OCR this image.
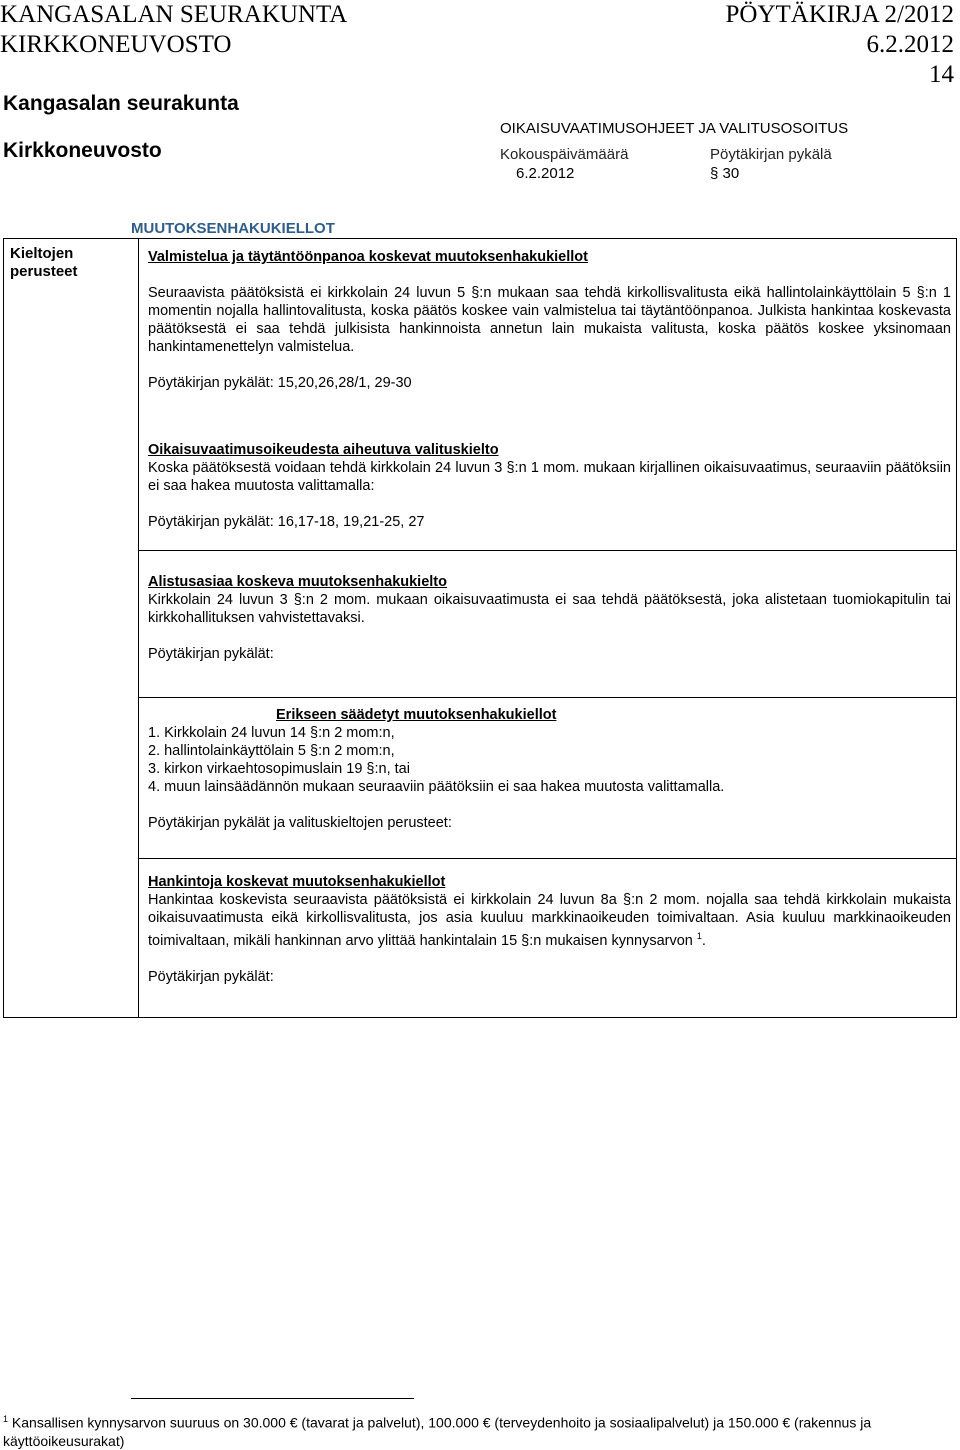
KANGASALAN SEURAKUNTA
KIRKKONEUVOSTO
PÖYTÄKIRJA 2/2012
6.2.2012
14
Kangasalan seurakunta
Kirkkoneuvosto
OIKAISUVAATIMUSOHJEET JA VALITUSOSOITUS
Kokouspäivämäärä	Pöytäkirjan pykälä
6.2.2012	§ 30
MUUTOKSENHAKUKIELLOT
Kieltojen
perusteet

Valmistelua ja täytäntöönpanoa koskevat muutoksenhakukiellot

Seuraavista päätöksistä ei kirkkolain 24 luvun 5 §:n mukaan saa tehdä kirkollisvalitusta eikä hallintolainkäyttölain 5 §:n 1 momentin nojalla hallintovalitusta, koska päätös koskee vain valmistelua tai täytäntöönpanoa. Julkista hankintaa koskevasta päätöksestä ei saa tehdä julkisista hankinnoista annetun lain mukaista valitusta, koska päätös koskee yksinomaan hankintamenettelyn valmistelua.

Pöytäkirjan pykälät: 15,20,26,28/1, 29-30

Oikaisuvaatimusoikeudesta aiheutuva valituskielto

Koska päätöksestä voidaan tehdä kirkkolain 24 luvun 3 §:n 1 mom. mukaan kirjallinen oikaisuvaatimus, seuraaviin päätöksiin ei saa hakea muutosta valittamalla:

Pöytäkirjan pykälät: 16,17-18, 19,21-25, 27

Alistusasiaa koskeva muutoksenhakukielto

Kirkkolain 24 luvun 3 §:n 2 mom. mukaan oikaisuvaatimusta ei saa tehdä päätöksestä, joka alistetaan tuomiokapitulin tai kirkkohallituksen vahvistettavaksi.

Pöytäkirjan pykälät:

Erikseen säädetyt muutoksenhakukiellot

1. Kirkkolain 24 luvun 14 §:n 2 mom:n,
2. hallintolainkäyttölain 5 §:n 2 mom:n,
3. kirkon virkaehtosopimuslain 19 §:n, tai
4. muun lainsäädännön mukaan seuraaviin päätöksiin ei saa hakea muutosta valittamalla.

Pöytäkirjan pykälät ja valituskieltojen perusteet:

Hankintoja koskevat muutoksenhakukiellot

Hankintaa koskevista seuraavista päätöksistä ei kirkkolain 24 luvun 8a §:n 2 mom. nojalla saa tehdä kirkkolain mukaista oikaisuvaatimusta eikä kirkollisvalitusta, jos asia kuuluu markkinaoikeuden toimivaltaan. Asia kuuluu markkinaoikeuden toimivaltaan, mikäli hankinnan arvo ylittää hankintalain 15 §:n mukaisen kynnysarvon $^1$.

Pöytäkirjan pykälät:

$^1$ Kansallisen kynnysarvon suuruus on 30.000 € (tavarat ja palvelut), 100.000 € (terveydenhoito ja sosiaalipalvelut) ja 150.000 € (rakennus ja käyttöoikeusurakat)
